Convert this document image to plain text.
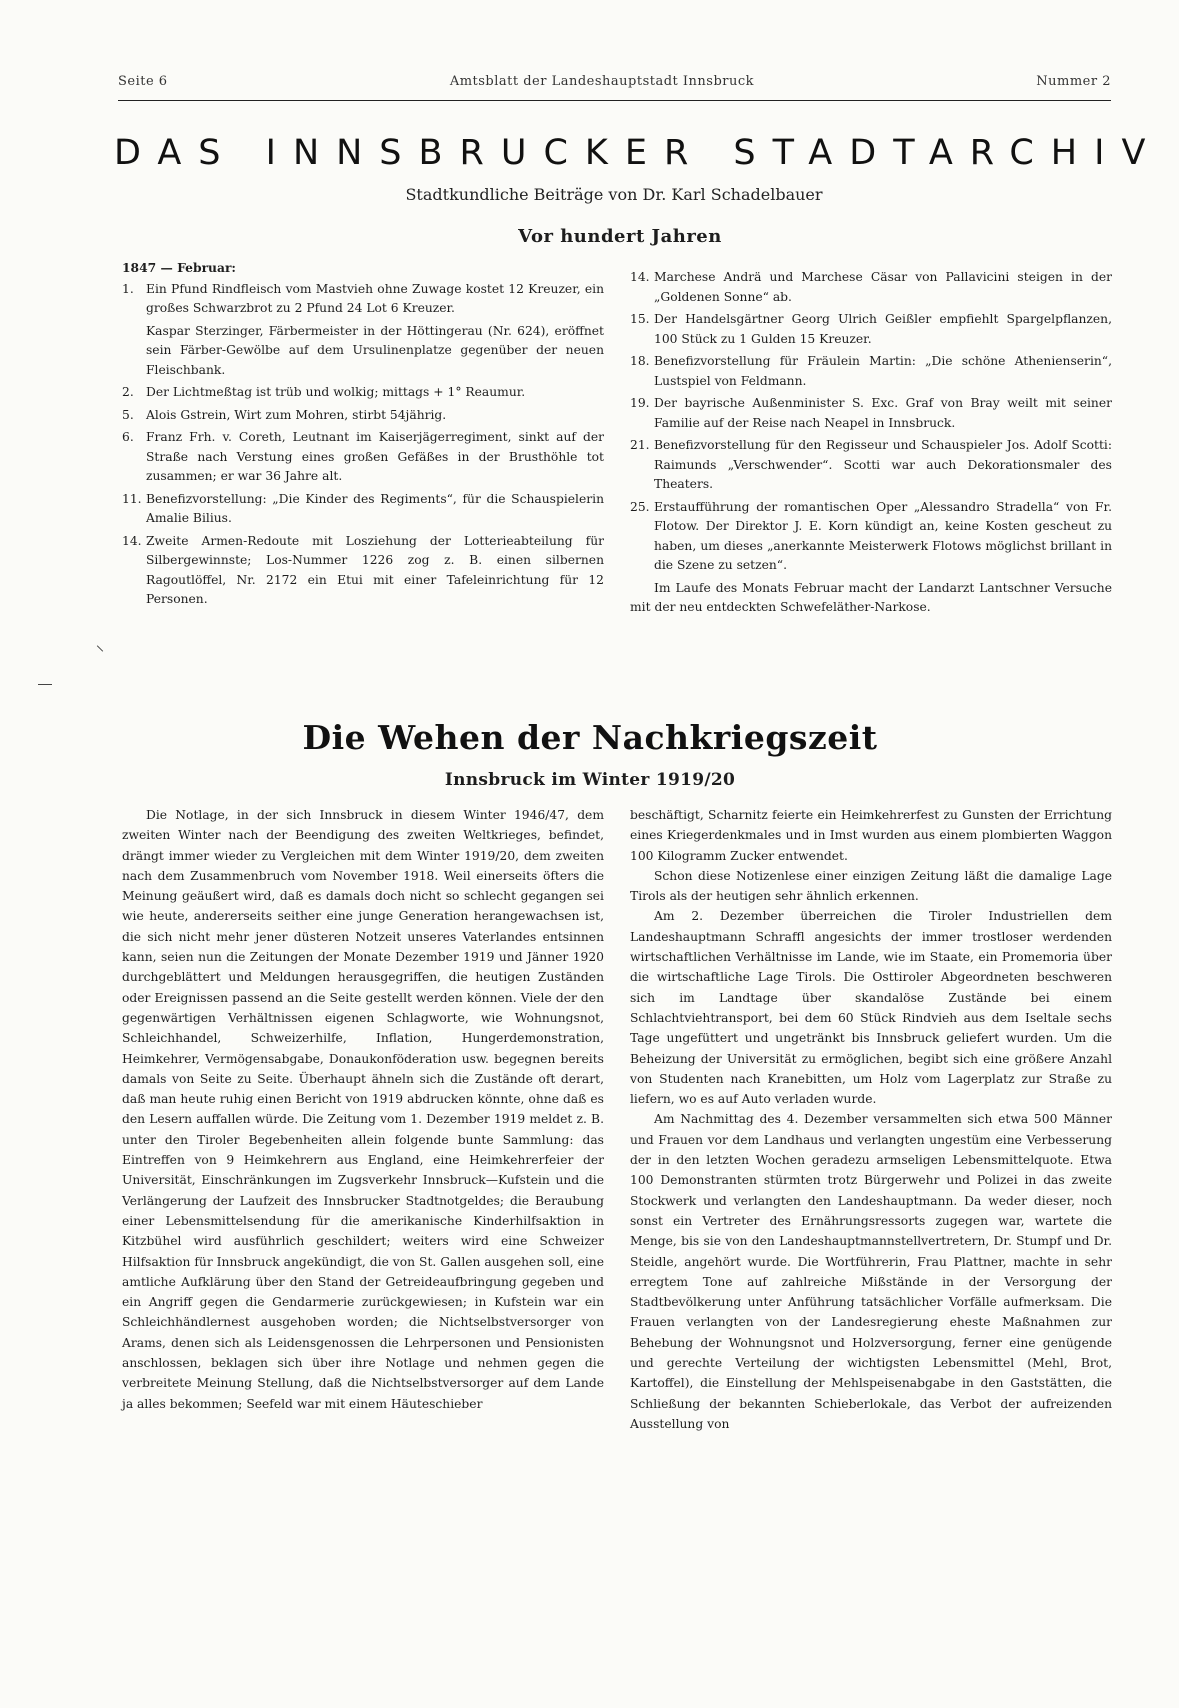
Seite 6	Amtsblatt der Landeshauptstadt Innsbruck	Nummer 2
DAS INNSBRUCKER STADTARCHIV
Stadtkundliche Beiträge von Dr. Karl Schadelbauer
Vor hundert Jahren
1847 — Februar:
1. Ein Pfund Rindfleisch vom Mastvieh ohne Zuwage kostet 12 Kreuzer, ein großes Schwarzbrot zu 2 Pfund 24 Lot 6 Kreuzer.
Kaspar Sterzinger, Färbermeister in der Höttingerau (Nr. 624), eröffnet sein Färber-Gewölbe auf dem Ursulinenplatze gegenüber der neuen Fleischbank.
2. Der Lichtmeßtag ist trüb und wolkig; mittags + 1° Reaumur.
5. Alois Gstrein, Wirt zum Mohren, stirbt 54jährig.
6. Franz Frh. v. Coreth, Leutnant im Kaiserjägerregiment, sinkt auf der Straße nach Verstung eines großen Gefäßes in der Brusthöhle tot zusammen; er war 36 Jahre alt.
11. Benefizvorstellung: „Die Kinder des Regiments“, für die Schauspielerin Amalie Bilius.
14. Zweite Armen-Redoute mit Losziehung der Lotterieabteilung für Silbergewinnste; Los-Nummer 1226 zog z. B. einen silbernen Ragoutlöffel, Nr. 2172 ein Etui mit einer Tafeleinrichtung für 12 Personen.
14. Marchese Andrä und Marchese Cäsar von Pallavicini steigen in der „Goldenen Sonne“ ab.
15. Der Handelsgärtner Georg Ulrich Geißler empfiehlt Spargelpflanzen, 100 Stück zu 1 Gulden 15 Kreuzer.
18. Benefizvorstellung für Fräulein Martin: „Die schöne Athenienserin“, Lustspiel von Feldmann.
19. Der bayrische Außenminister S. Exc. Graf von Bray weilt mit seiner Familie auf der Reise nach Neapel in Innsbruck.
21. Benefizvorstellung für den Regisseur und Schauspieler Jos. Adolf Scotti: Raimunds „Verschwender“. Scotti war auch Dekorationsmaler des Theaters.
25. Erstaufführung der romantischen Oper „Alessandro Stradella“ von Fr. Flotow. Der Direktor J. E. Korn kündigt an, keine Kosten gescheut zu haben, um dieses „anerkannte Meisterwerk Flotows möglichst brillant in die Szene zu setzen“.

Im Laufe des Monats Februar macht der Landarzt Lantschner Versuche mit der neu entdeckten Schwefeläther-Narkose.

Die Wehen der Nachkriegszeit
Innsbruck im Winter 1919/20

Die Notlage, in der sich Innsbruck in diesem Winter 1946/47, dem zweiten Winter nach der Beendigung des zweiten Weltkrieges, befindet, drängt immer wieder zu Vergleichen mit dem Winter 1919/20, dem zweiten nach dem Zusammenbruch vom November 1918. Weil einerseits öfters die Meinung geäußert wird, daß es damals doch nicht so schlecht gegangen sei wie heute, andererseits seither eine junge Generation herangewachsen ist, die sich nicht mehr jener düsteren Notzeit unseres Vaterlandes entsinnen kann, seien nun die Zeitungen der Monate Dezember 1919 und Jänner 1920 durchgeblättert und Meldungen herausgegriffen, die heutigen Zuständen oder Ereignissen passend an die Seite gestellt werden können. Viele der den gegenwärtigen Verhältnissen eigenen Schlagworte, wie Wohnungsnot, Schleichhandel, Schweizerhilfe, Inflation, Hungerdemonstration, Heimkehrer, Vermögensabgabe, Donaukonföderation usw. begegnen bereits damals von Seite zu Seite. Überhaupt ähneln sich die Zustände oft derart, daß man heute ruhig einen Bericht von 1919 abdrucken könnte, ohne daß es den Lesern auffallen würde. Die Zeitung vom 1. Dezember 1919 meldet z. B. unter den Tiroler Begebenheiten allein folgende bunte Sammlung: das Eintreffen von 9 Heimkehrern aus England, eine Heimkehrerfeier der Universität, Einschränkungen im Zugsverkehr Innsbruck—Kufstein und die Verlängerung der Laufzeit des Innsbrucker Stadtnotgeldes; die Beraubung einer Lebensmittelsendung für die amerikanische Kinderhilfsaktion in Kitzbühel wird ausführlich geschildert; weiters wird eine Schweizer Hilfsaktion für Innsbruck angekündigt, die von St. Gallen ausgehen soll, eine amtliche Aufklärung über den Stand der Getreideaufbringung gegeben und ein Angriff gegen die Gendarmerie zurückgewiesen; in Kufstein war ein Schleichhändlernest ausgehoben worden; die Nichtselbstversorger von Arams, denen sich als Leidensgenossen die Lehrpersonen und Pensionisten anschlossen, beklagen sich über ihre Notlage und nehmen gegen die verbreitete Meinung Stellung, daß die Nichtselbstversorger auf dem Lande ja alles bekommen; Seefeld war mit einem Häuteschieber

beschäftigt, Scharnitz feierte ein Heimkehrerfest zu Gunsten der Errichtung eines Kriegerdenkmales und in Imst wurden aus einem plombierten Waggon 100 Kilogramm Zucker entwendet.

Schon diese Notizenlese einer einzigen Zeitung läßt die damalige Lage Tirols als der heutigen sehr ähnlich erkennen.

Am 2. Dezember überreichen die Tiroler Industriellen dem Landeshauptmann Schraffl angesichts der immer trostloser werdenden wirtschaftlichen Verhältnisse im Lande, wie im Staate, ein Promemoria über die wirtschaftliche Lage Tirols. Die Osttiroler Abgeordneten beschweren sich im Landtage über skandalöse Zustände bei einem Schlachtviehtransport, bei dem 60 Stück Rindvieh aus dem Iseltale sechs Tage ungefüttert und ungetränkt bis Innsbruck geliefert wurden. Um die Beheizung der Universität zu ermöglichen, begibt sich eine größere Anzahl von Studenten nach Kranebitten, um Holz vom Lagerplatz zur Straße zu liefern, wo es auf Auto verladen wurde.

Am Nachmittag des 4. Dezember versammelten sich etwa 500 Männer und Frauen vor dem Landhaus und verlangten ungestüm eine Verbesserung der in den letzten Wochen geradezu armseligen Lebensmittelquote. Etwa 100 Demonstranten stürmten trotz Bürgerwehr und Polizei in das zweite Stockwerk und verlangten den Landeshauptmann. Da weder dieser, noch sonst ein Vertreter des Ernährungsressorts zugegen war, wartete die Menge, bis sie von den Landeshauptmannstellvertretern, Dr. Stumpf und Dr. Steidle, angehört wurde. Die Wortführerin, Frau Plattner, machte in sehr erregtem Tone auf zahlreiche Mißstände in der Versorgung der Stadtbevölkerung unter Anführung tatsächlicher Vorfälle aufmerksam. Die Frauen verlangten von der Landesregierung eheste Maßnahmen zur Behebung der Wohnungsnot und Holzversorgung, ferner eine genügende und gerechte Verteilung der wichtigsten Lebensmittel (Mehl, Brot, Kartoffel), die Einstellung der Mehlspeisenabgabe in den Gaststätten, die Schließung der bekannten Schieberlokale, das Verbot der aufreizenden Ausstellung von
